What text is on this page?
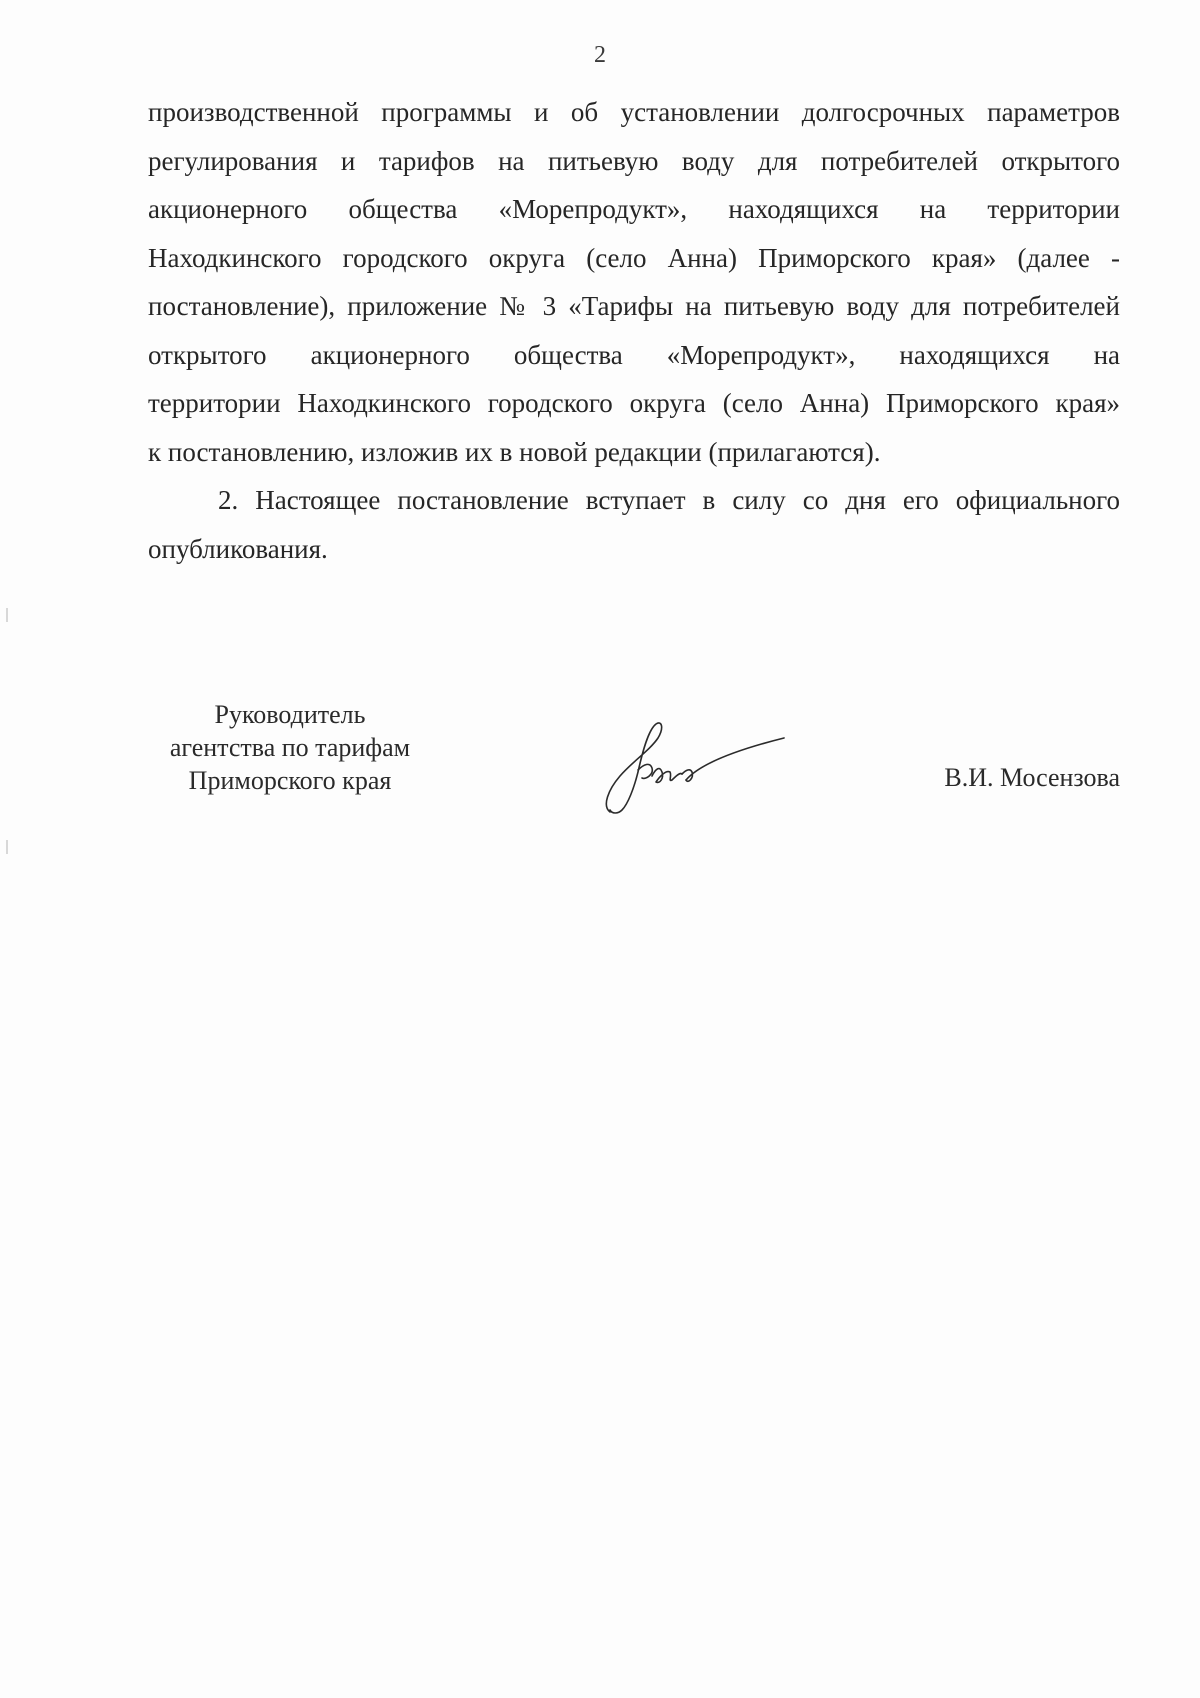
2

производственной программы и об установлении долгосрочных параметров
регулирования и тарифов на питьевую воду для потребителей открытого
акционерного общества «Морепродукт», находящихся на территории
Находкинского городского округа (село Анна) Приморского края» (далее -
постановление), приложение № 3 «Тарифы на питьевую воду для потребителей
открытого акционерного общества «Морепродукт», находящихся на
территории Находкинского городского округа (село Анна) Приморского края»
к постановлению, изложив их в новой редакции (прилагаются).

2. Настоящее постановление вступает в силу со дня его официального
опубликования.

Руководитель
агентства по тарифам
Приморского края	В.И. Мосензова
